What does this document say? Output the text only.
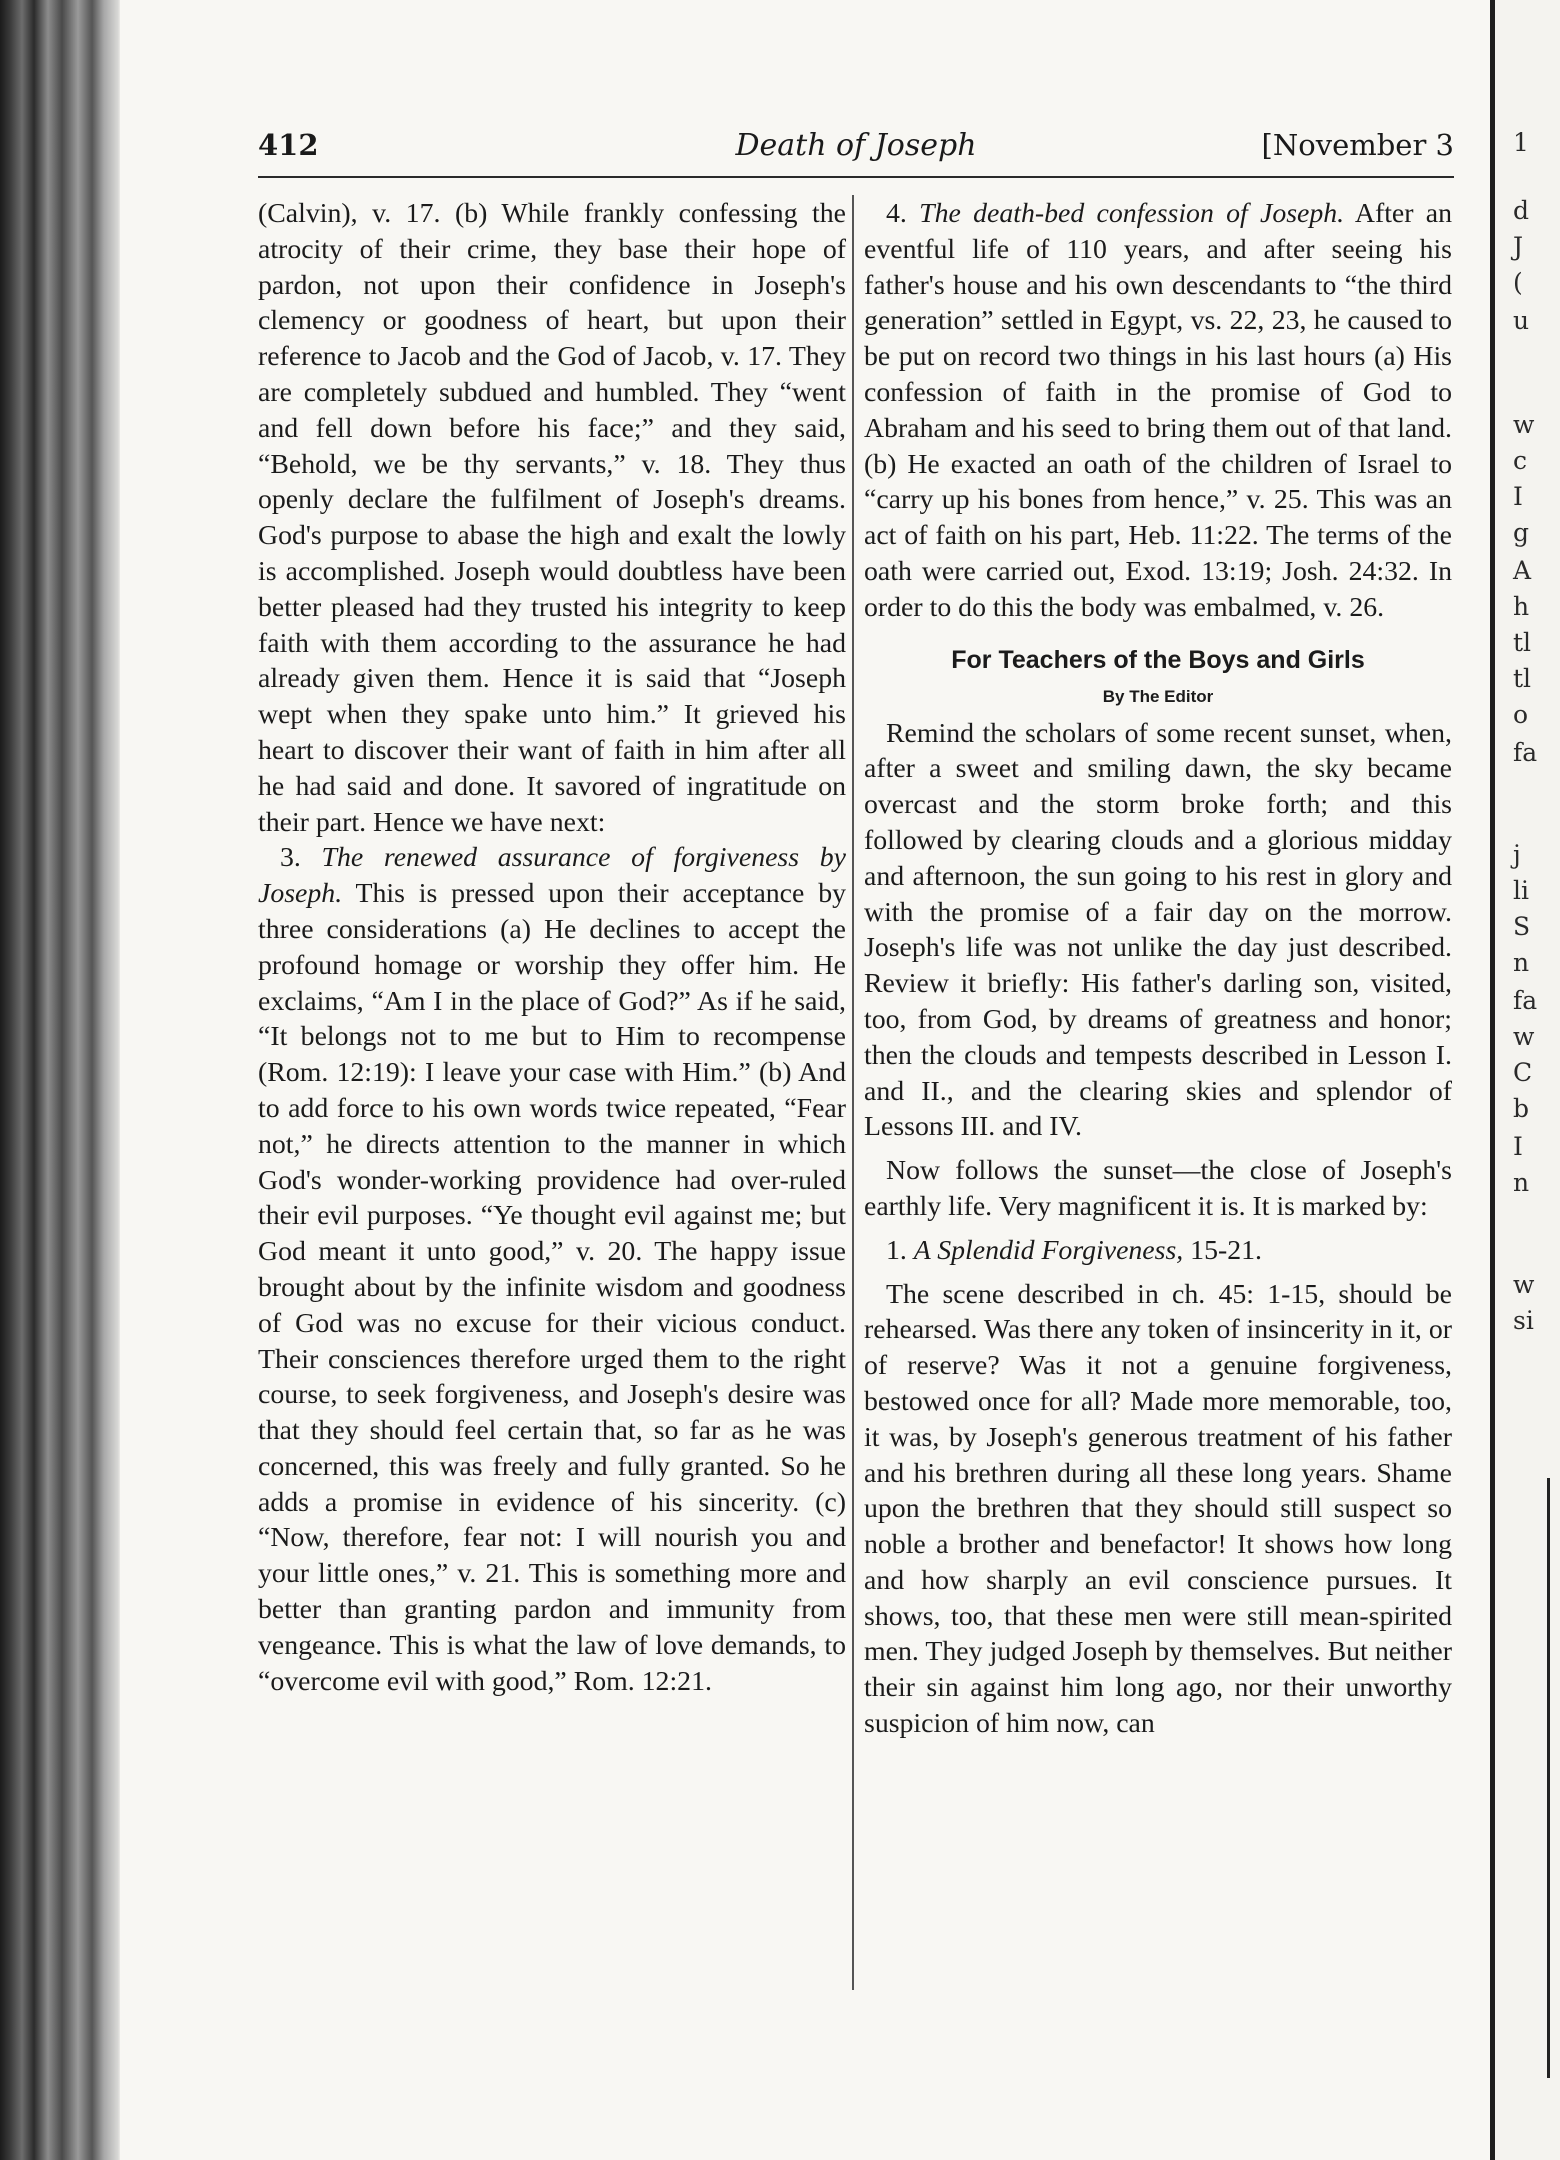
412	Death of Joseph	[November 3

(Calvin), v. 17. (b) While frankly confessing the atrocity of their crime, they base their hope of pardon, not upon their confidence in Joseph's clemency or goodness of heart, but upon their reference to Jacob and the God of Jacob, v. 17. They are completely subdued and humbled. They “went and fell down before his face;” and they said, “Behold, we be thy servants,” v. 18. They thus openly declare the fulfilment of Joseph's dreams. God's purpose to abase the high and exalt the lowly is accomplished. Joseph would doubtless have been better pleased had they trusted his integrity to keep faith with them according to the assurance he had already given them. Hence it is said that “Joseph wept when they spake unto him.” It grieved his heart to discover their want of faith in him after all he had said and done. It savored of ingratitude on their part. Hence we have next:

3. The renewed assurance of forgiveness by Joseph. This is pressed upon their acceptance by three considerations (a) He declines to accept the profound homage or worship they offer him. He exclaims, “Am I in the place of God?” As if he said, “It belongs not to me but to Him to recompense (Rom. 12:19): I leave your case with Him.” (b) And to add force to his own words twice repeated, “Fear not,” he directs attention to the manner in which God's wonder-working providence had over-ruled their evil purposes. “Ye thought evil against me; but God meant it unto good,” v. 20. The happy issue brought about by the infinite wisdom and goodness of God was no excuse for their vicious conduct. Their consciences therefore urged them to the right course, to seek forgiveness, and Joseph's desire was that they should feel certain that, so far as he was concerned, this was freely and fully granted. So he adds a promise in evidence of his sincerity. (c) “Now, therefore, fear not: I will nourish you and your little ones,” v. 21. This is something more and better than granting pardon and immunity from vengeance. This is what the law of love demands, to “overcome evil with good,” Rom. 12:21.

4. The death-bed confession of Joseph. After an eventful life of 110 years, and after seeing his father's house and his own descendants to “the third generation” settled in Egypt, vs. 22, 23, he caused to be put on record two things in his last hours (a) His confession of faith in the promise of God to Abraham and his seed to bring them out of that land. (b) He exacted an oath of the children of Israel to “carry up his bones from hence,” v. 25. This was an act of faith on his part, Heb. 11:22. The terms of the oath were carried out, Exod. 13:19; Josh. 24:32. In order to do this the body was embalmed, v. 26.

For Teachers of the Boys and Girls
By The Editor

Remind the scholars of some recent sunset, when, after a sweet and smiling dawn, the sky became overcast and the storm broke forth; and this followed by clearing clouds and a glorious midday and afternoon, the sun going to his rest in glory and with the promise of a fair day on the morrow. Joseph's life was not unlike the day just described. Review it briefly: His father's darling son, visited, too, from God, by dreams of greatness and honor; then the clouds and tempests described in Lesson I. and II., and the clearing skies and splendor of Lessons III. and IV.

Now follows the sunset—the close of Joseph's earthly life. Very magnificent it is. It is marked by:

1. A Splendid Forgiveness, 15-21.

The scene described in ch. 45: 1-15, should be rehearsed. Was there any token of insincerity in it, or of reserve? Was it not a genuine forgiveness, bestowed once for all? Made more memorable, too, it was, by Joseph's generous treatment of his father and his brethren during all these long years. Shame upon the brethren that they should still suspect so noble a brother and benefactor! It shows how long and how sharply an evil conscience pursues. It shows, too, that these men were still mean-spirited men. They judged Joseph by themselves. But neither their sin against him long ago, nor their unworthy suspicion of him now, can

1
d
J
(
u
w
c
I
g
A
h
tl
tl
o
fa
j
li
S
n
fa
w
C
b
I
n
w
si
